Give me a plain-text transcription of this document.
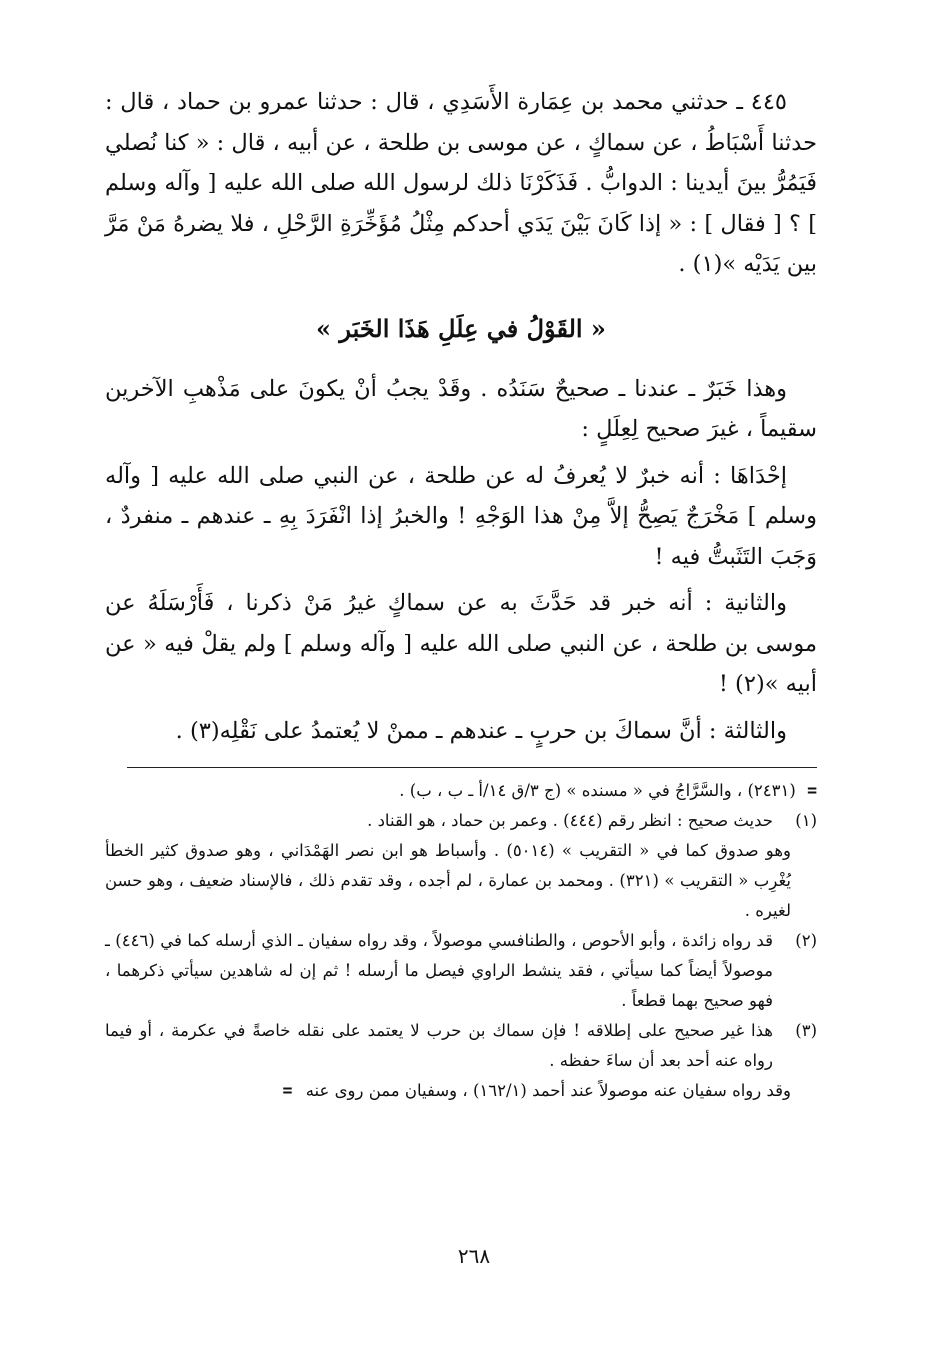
٤٤٥ ـ حدثني محمد بن عِمَارة الأَسَدِي ، قال : حدثنا عمرو بن حماد ، قال : حدثنا أَسْبَاطُ ، عن سماكٍ ، عن موسى بن طلحة ، عن أبيه ، قال : « كنا نُصلي فَيَمُرُّ بينَ أيدينا : الدوابُّ . فَذَكَرْنَا ذلك لرسول الله صلى الله عليه [ وآله وسلم ] ؟ [ فقال ] : « إذا كَانَ بَيْنَ يَدَي أحدكم مِثْلُ مُؤَخِّرَةِ الرَّحْلِ ، فلا يضرهُ مَنْ مَرَّ بين يَدَيْه »(١) .

« القَوْلُ في عِلَلِ هَذَا الخَبَر »

وهذا خَبَرٌ ـ عندنا ـ صحيحٌ سَنَدُه . وقَدْ يجبُ أنْ يكونَ على مَذْهبِ الآخرين سقيماً ، غيرَ صحيح لِعِلَلٍ :

إحْدَاهَا : أنه خبرٌ لا يُعرفُ له عن طلحة ، عن النبي صلى الله عليه [ وآله وسلم ] مَخْرَجٌ يَصِحُّ إلاَّ مِنْ هذا الوَجْهِ ! والخبرُ إذا انْفَرَدَ بِهِ ـ عندهم ـ منفردٌ ، وَجَبَ التَثَبتُّ فيه !

والثانية : أنه خبر قد حَدَّثَ به عن سماكٍ غيرُ مَنْ ذكرنا ، فَأَرْسَلَهُ عن موسى بن طلحة ، عن النبي صلى الله عليه [ وآله وسلم ] ولم يقلْ فيه « عن أبيه »(٢) !

والثالثة : أنَّ سماكَ بن حربٍ ـ عندهم ـ ممنْ لا يُعتمدُ على نَقْلِه(٣) .

= (٢٤٣١) ، والسَّرَّاجُ في « مسنده » (ج ٣/ق ١٤/أ ـ ب ، ب) .

(١)
حديث صحيح : انظر رقم (٤٤٤) . وعمر بن حماد ، هو القناد .

وهو صدوق كما في « التقريب » (٥٠١٤) . وأسباط هو ابن نصر الهَمْدَاني ، وهو صدوق كثير الخطأ يُغْرِب « التقريب » (٣٢١) . ومحمد بن عمارة ، لم أجده ، وقد تقدم ذلك ، فالإسناد ضعيف ، وهو حسن لغيره .

(٢)
قد رواه زائدة ، وأبو الأحوص ، والطنافسي موصولاً ، وقد رواه سفيان ـ الذي أرسله كما في (٤٤٦) ـ موصولاً أيضاً كما سيأتي ، فقد ينشط الراوي فيصل ما أرسله ! ثم إن له شاهدين سيأتي ذكرهما ، فهو صحيح بهما قطعاً .

(٣)
هذا غير صحيح على إطلاقه ! فإن سماك بن حرب لا يعتمد على نقله خاصةً في عكرمة ، أو فيما رواه عنه أحد بعد أن ساءَ حفظه .

وقد رواه سفيان عنه موصولاً عند أحمد (١٦٢/١) ، وسفيان ممن روى عنه =

٢٦٨
